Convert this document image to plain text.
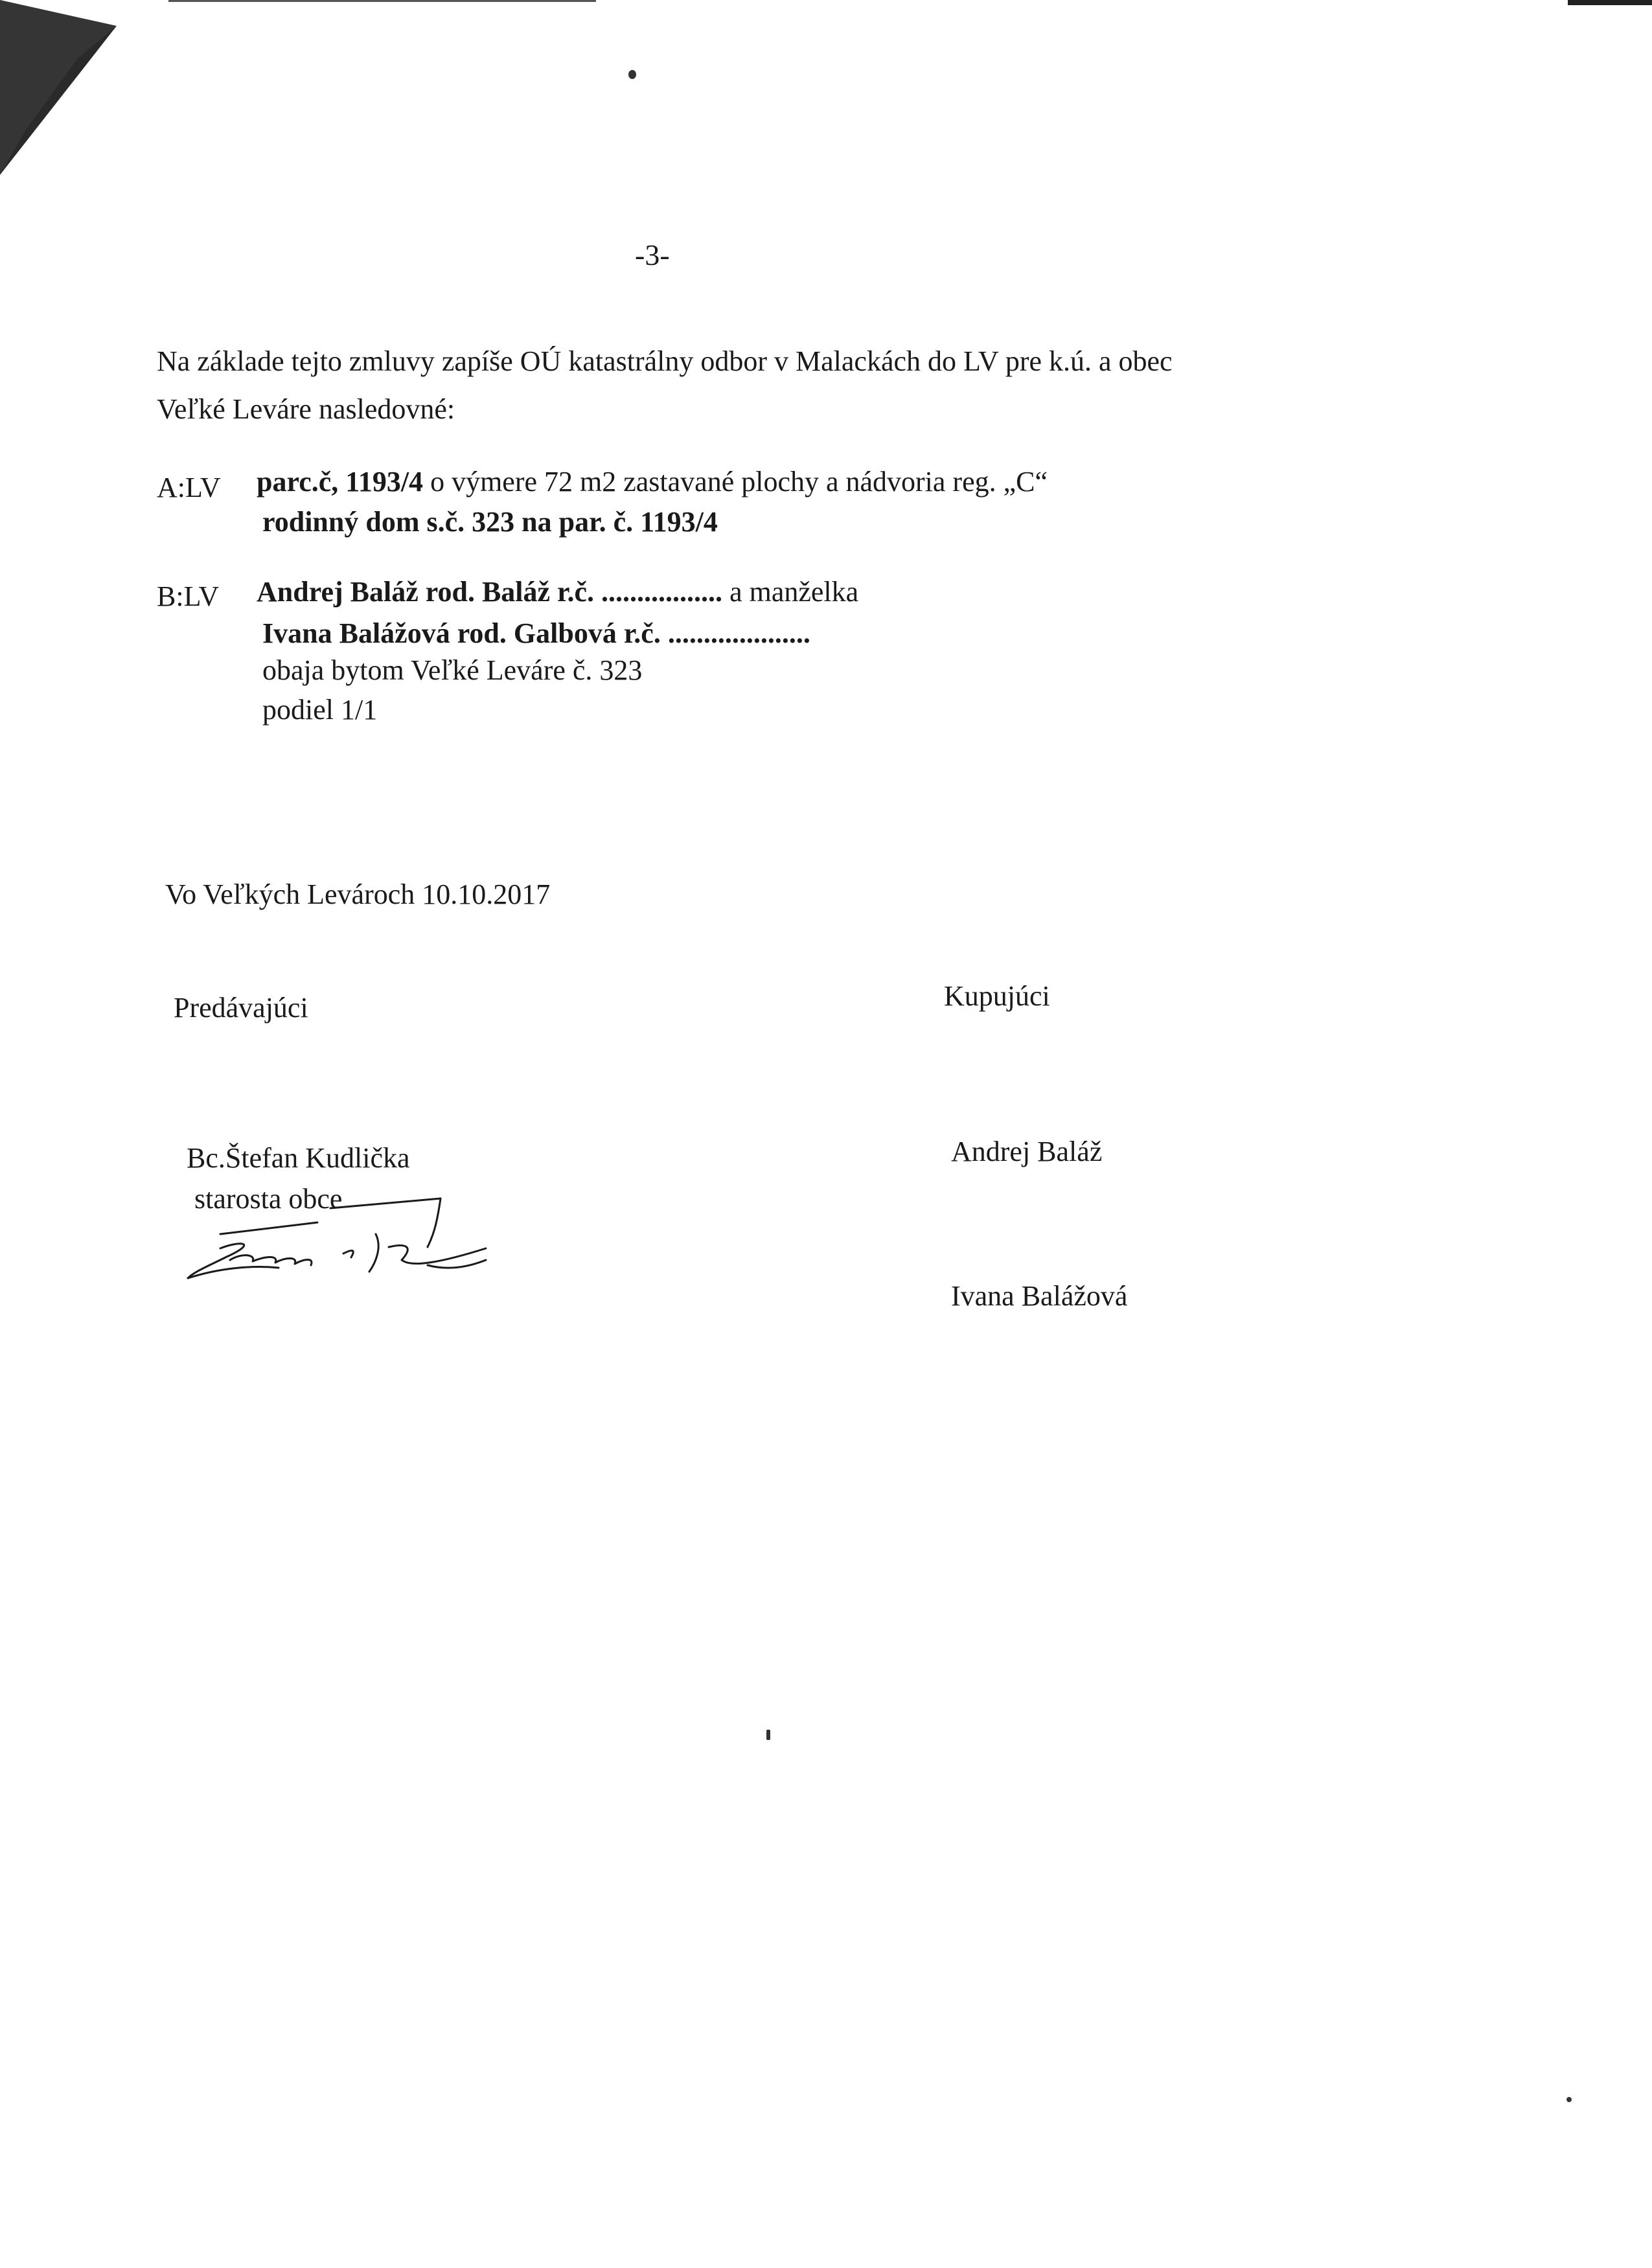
-3-
Na základe tejto zmluvy zapíše OÚ katastrálny odbor v Malackách do LV pre k.ú. a obec
Veľké Leváre nasledovné:
A:LV parc.č, 1193/4 o výmere 72 m2 zastavané plochy a nádvoria reg. „C“
rodinný dom s.č. 323 na par. č. 1193/4
B:LV Andrej Baláž rod. Baláž r.č. ................. a manželka
Ivana Balážová rod. Galbová r.č. ....................
obaja bytom Veľké Leváre č. 323
podiel 1/1
Vo Veľkých Levároch 10.10.2017
Predávajúci
Bc.Štefan Kudlička
starosta obce
Kupujúci
Andrej Baláž
Ivana Balážová
